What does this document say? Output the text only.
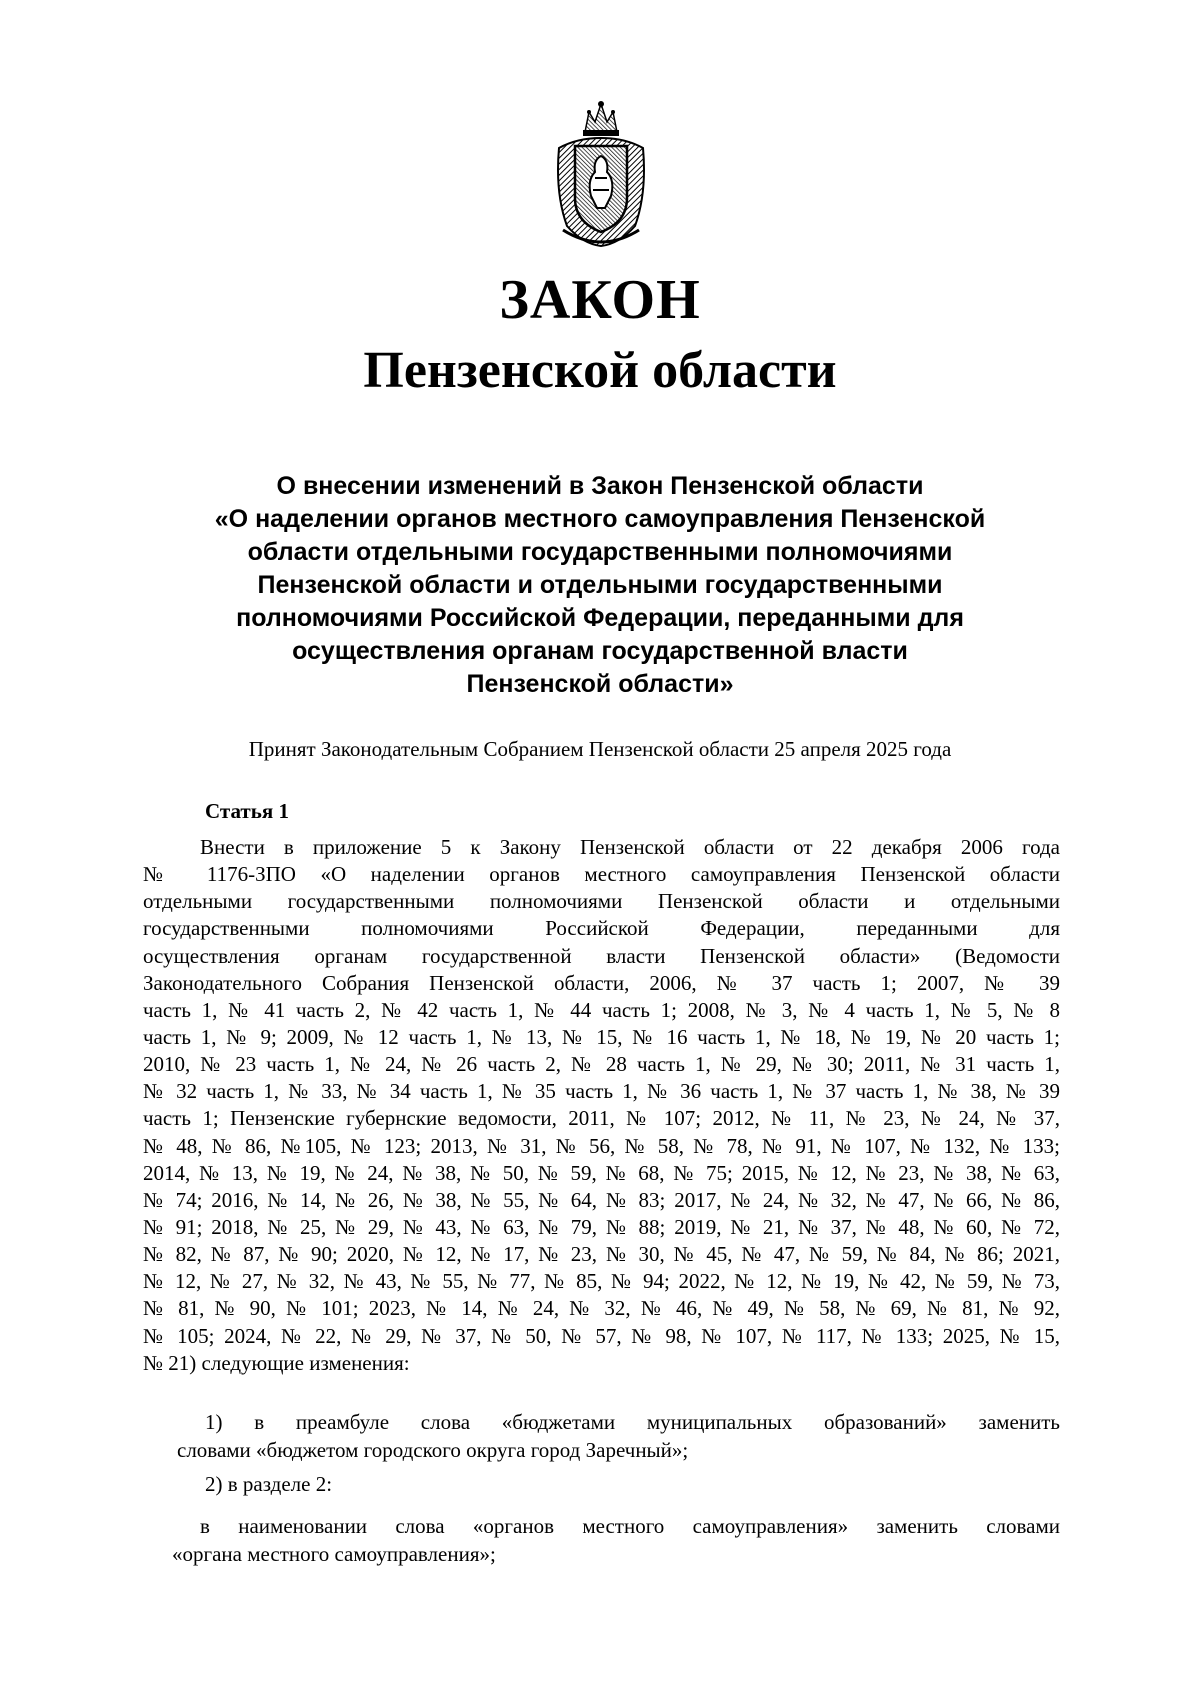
ЗАКОН
Пензенской области
О внесении изменений в Закон Пензенской области
«О наделении органов местного самоуправления Пензенской
области отдельными государственными полномочиями
Пензенской области и отдельными государственными
полномочиями Российской Федерации, переданными для
осуществления органам государственной власти
Пензенской области»
Принят Законодательным Собранием Пензенской области 25 апреля 2025 года
Статья 1
Внести в приложение 5 к Закону Пензенской области от 22 декабря 2006 года
№ 1176-ЗПО «О наделении органов местного самоуправления Пензенской области
отдельными государственными полномочиями Пензенской области и отдельными
государственными полномочиями Российской Федерации, переданными для
осуществления органам государственной власти Пензенской области» (Ведомости
Законодательного Собрания Пензенской области, 2006, № 37 часть 1; 2007, № 39
часть 1, № 41 часть 2, № 42 часть 1, № 44 часть 1; 2008, № 3, № 4 часть 1, № 5, № 8
часть 1, № 9; 2009, № 12 часть 1, № 13, № 15, № 16 часть 1, № 18, № 19, № 20 часть 1;
2010, № 23 часть 1, № 24, № 26 часть 2, № 28 часть 1, № 29, № 30; 2011, № 31 часть 1,
№ 32 часть 1, № 33, № 34 часть 1, № 35 часть 1, № 36 часть 1, № 37 часть 1, № 38, № 39
часть 1; Пензенские губернские ведомости, 2011, № 107; 2012, № 11, № 23, № 24, № 37,
№ 48, № 86, №105, № 123; 2013, № 31, № 56, № 58, № 78, № 91, № 107, № 132, № 133;
2014, № 13, № 19, № 24, № 38, № 50, № 59, № 68, № 75; 2015, № 12, № 23, № 38, № 63,
№ 74; 2016, № 14, № 26, № 38, № 55, № 64, № 83; 2017, № 24, № 32, № 47, № 66, № 86,
№ 91; 2018, № 25, № 29, № 43, № 63, № 79, № 88; 2019, № 21, № 37, № 48, № 60, № 72,
№ 82, № 87, № 90; 2020, № 12, № 17, № 23, № 30, № 45, № 47, № 59, № 84, № 86; 2021,
№ 12, № 27, № 32, № 43, № 55, № 77, № 85, № 94; 2022, № 12, № 19, № 42, № 59, № 73,
№ 81, № 90, № 101; 2023, № 14, № 24, № 32, № 46, № 49, № 58, № 69, № 81, № 92,
№ 105; 2024, № 22, № 29, № 37, № 50, № 57, № 98, № 107, № 117, № 133; 2025, № 15,
№ 21) следующие изменения:
1) в преамбуле слова «бюджетами муниципальных образований» заменить
словами «бюджетом городского округа город Заречный»;
2) в разделе 2:
в наименовании слова «органов местного самоуправления» заменить словами
«органа местного самоуправления»;
